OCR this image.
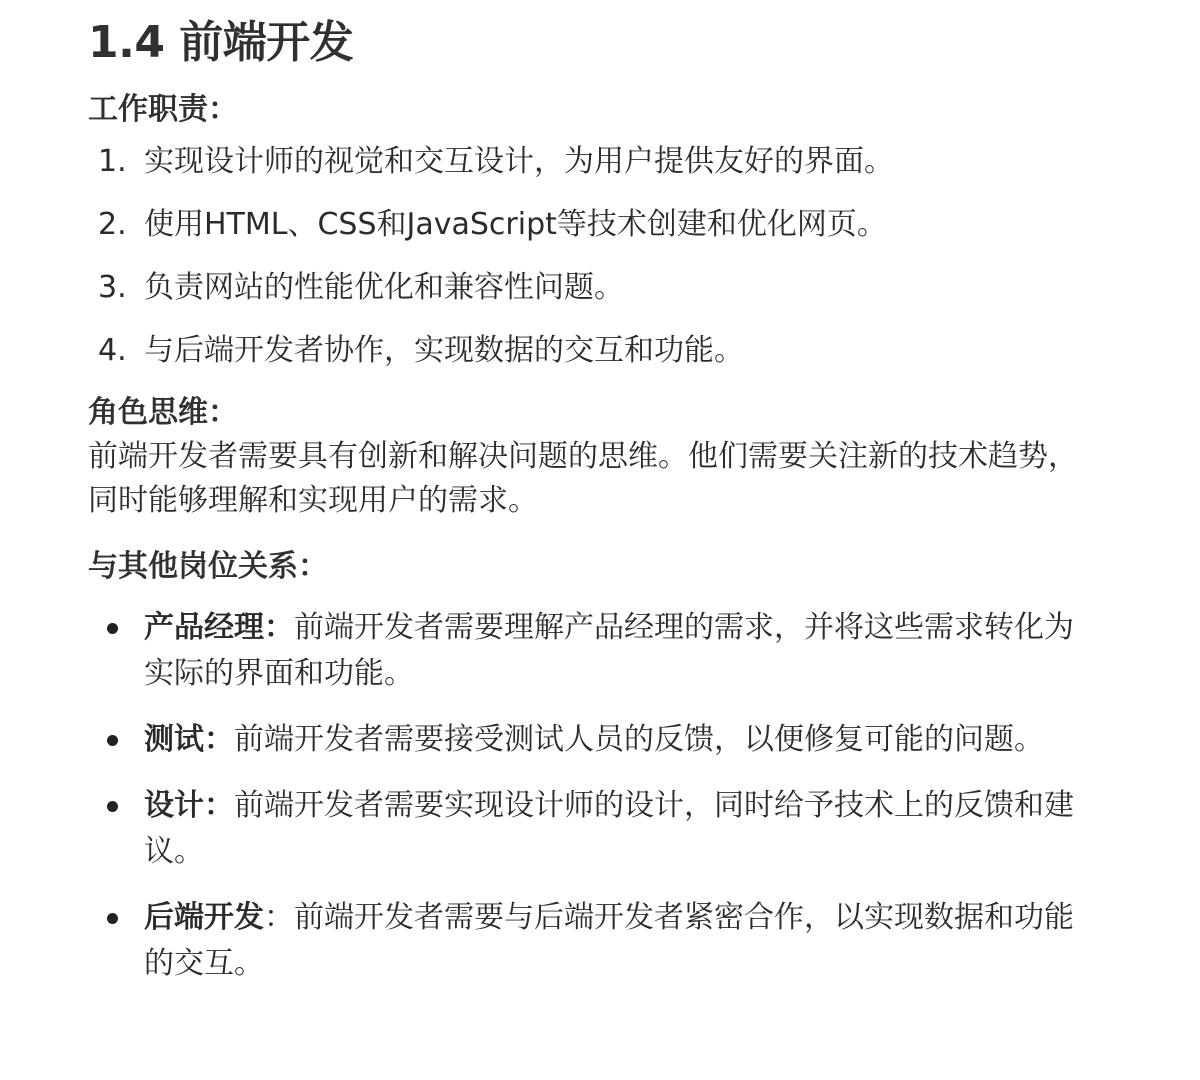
1.4 前端开发
工作职责：
1. 实现设计师的视觉和交互设计，为用户提供友好的界面。
2. 使用HTML、CSS和JavaScript等技术创建和优化网页。
3. 负责网站的性能优化和兼容性问题。
4. 与后端开发者协作，实现数据的交互和功能。
角色思维：

前端开发者需要具有创新和解决问题的思维。他们需要关注新的技术趋势，同时能够理解和实现用户的需求。

与其他岗位关系：
产品经理：前端开发者需要理解产品经理的需求，并将这些需求转化为实际的界面和功能。
测试：前端开发者需要接受测试人员的反馈，以便修复可能的问题。
设计：前端开发者需要实现设计师的设计，同时给予技术上的反馈和建议。
后端开发：前端开发者需要与后端开发者紧密合作，以实现数据和功能的交互。
